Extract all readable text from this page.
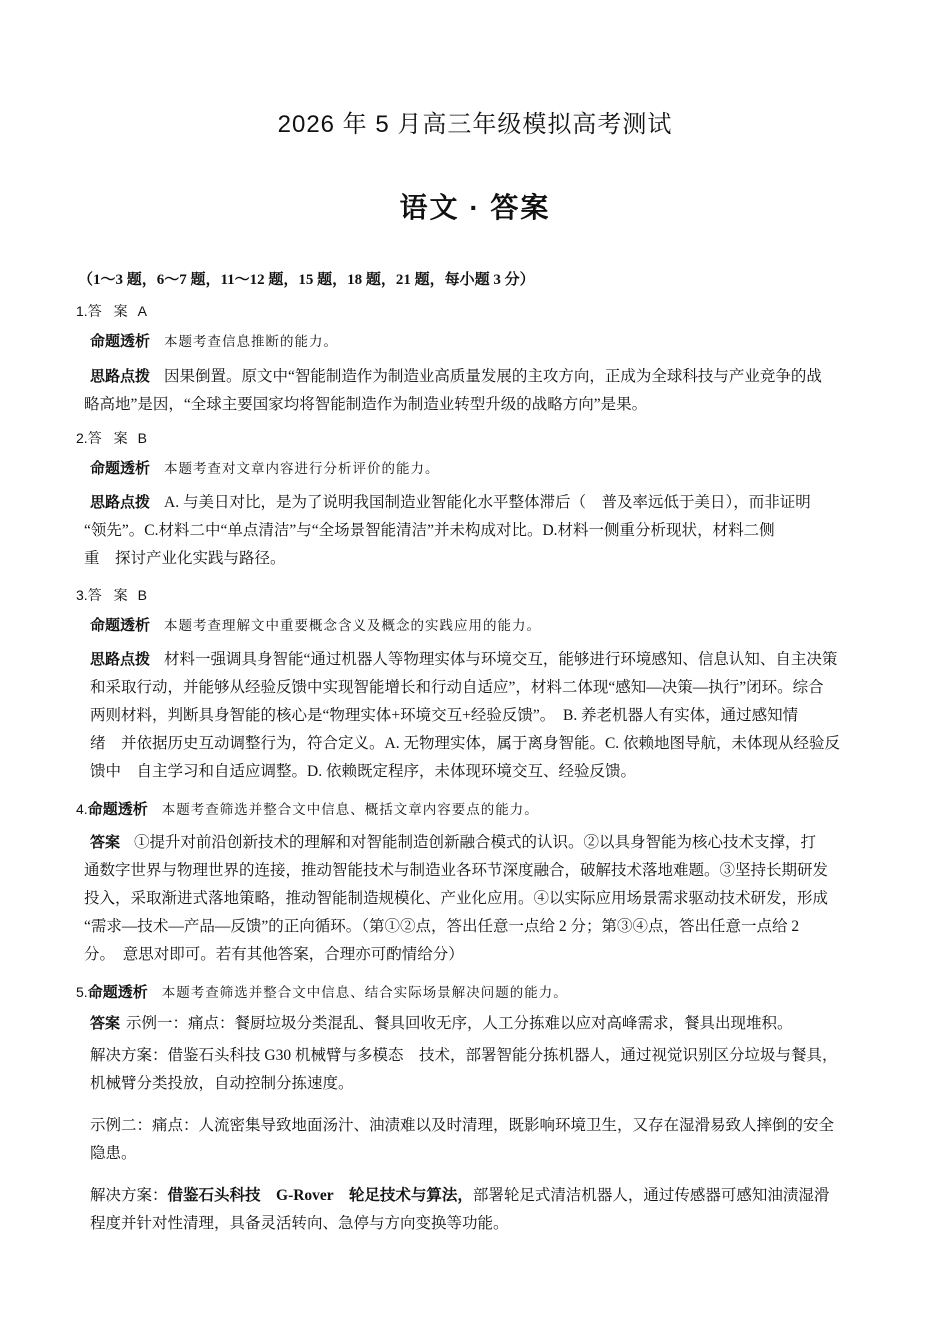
2026 年 5 月高三年级模拟高考测试
语文 · 答案
（1～3 题，6～7 题，11～12 题，15 题，18 题，21 题，每小题 3 分）
1.答 案 A
命题透析 本题考查信息推断的能力。
思路点拨 因果倒置。原文中“智能制造作为制造业高质量发展的主攻方向，正成为全球科技与产业竞争的战
略高地”是因，“全球主要国家均将智能制造作为制造业转型升级的战略方向”是果。
2.答 案 B
命题透析 本题考查对文章内容进行分析评价的能力。
思路点拨 A. 与美日对比，是为了说明我国制造业智能化水平整体滞后（　普及率远低于美日），而非证明
“领先”。C.材料二中“单点清洁”与“全场景智能清洁”并未构成对比。D.材料一侧重分析现状，材料二侧
重　探讨产业化实践与路径。
3.答 案 B
命题透析 本题考查理解文中重要概念含义及概念的实践应用的能力。
思路点拨 材料一强调具身智能“通过机器人等物理实体与环境交互，能够进行环境感知、信息认知、自主决策
和采取行动，并能够从经验反馈中实现智能增长和行动自适应”，材料二体现“感知—决策—执行”闭环。综合
两则材料，判断具身智能的核心是“物理实体+环境交互+经验反馈”。　B. 养老机器人有实体，通过感知情
绪　并依据历史互动调整行为，符合定义。A. 无物理实体，属于离身智能。C. 依赖地图导航，未体现从经验反
馈中　自主学习和自适应调整。D. 依赖既定程序，未体现环境交互、经验反馈。
4.命题透析 本题考查筛选并整合文中信息、概括文章内容要点的能力。
答案 ①提升对前沿创新技术的理解和对智能制造创新融合模式的认识。②以具身智能为核心技术支撑，打
通数字世界与物理世界的连接，推动智能技术与制造业各环节深度融合，破解技术落地难题。③坚持长期研发
投入，采取渐进式落地策略，推动智能制造规模化、产业化应用。④以实际应用场景需求驱动技术研发，形成
“需求—技术—产品—反馈”的正向循环。（第①②点，答出任意一点给 2 分；第③④点，答出任意一点给 2
分。　意思对即可。若有其他答案，合理亦可酌情给分）
5.命题透析 本题考查筛选并整合文中信息、结合实际场景解决问题的能力。
答案 示例一：痛点：餐厨垃圾分类混乱、餐具回收无序，人工分拣难以应对高峰需求，餐具出现堆积。
解决方案：借鉴石头科技 G30 机械臂与多模态　技术，部署智能分拣机器人，通过视觉识别区分垃圾与餐具，
机械臂分类投放，自动控制分拣速度。
示例二：痛点：人流密集导致地面汤汁、油渍难以及时清理，既影响环境卫生，又存在湿滑易致人摔倒的安全
隐患。
解决方案：借鉴石头科技　G-Rover　轮足技术与算法，部署轮足式清洁机器人，通过传感器可感知油渍湿滑
程度并针对性清理，具备灵活转向、急停与方向变换等功能。
